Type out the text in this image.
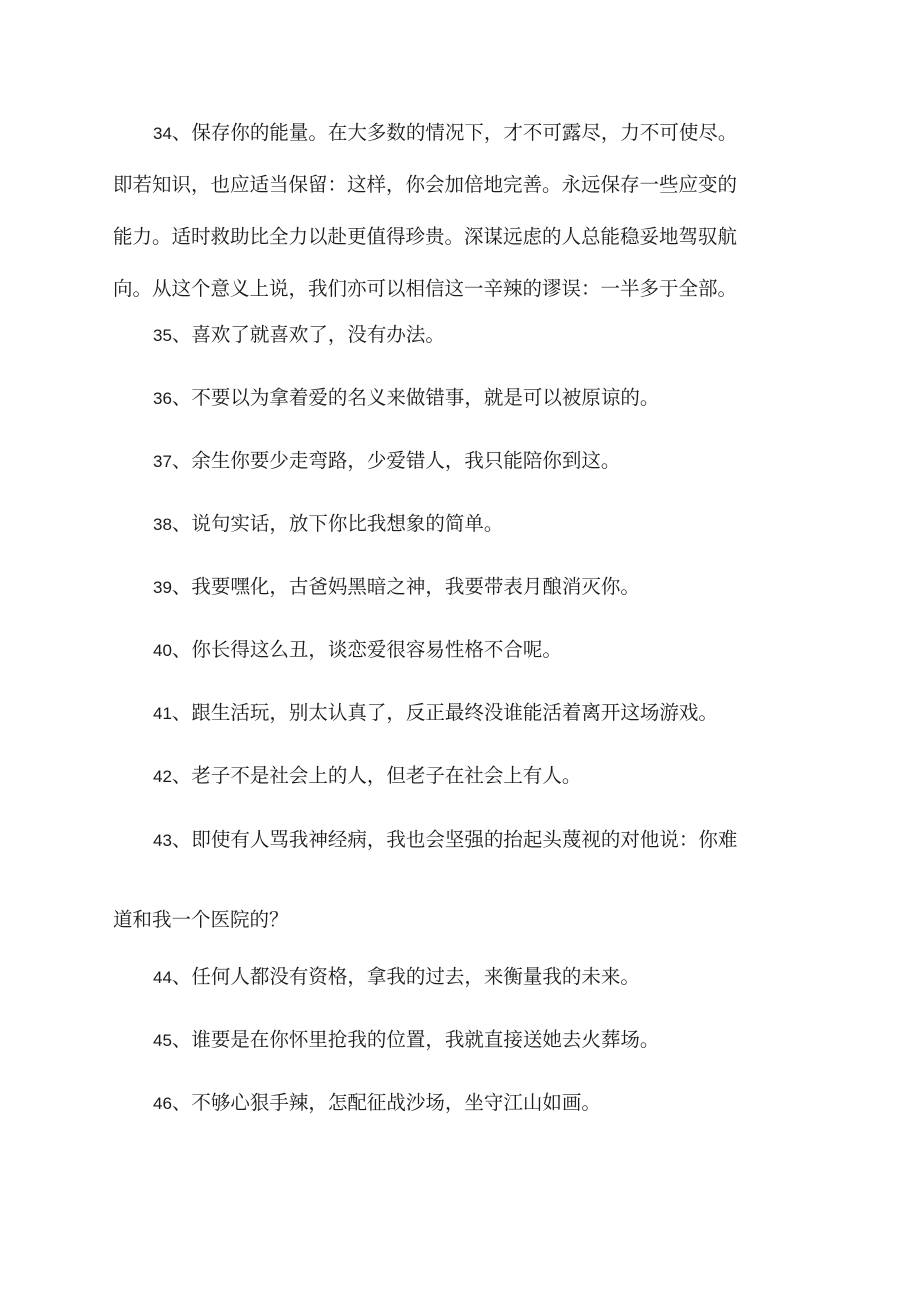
34、保存你的能量。在大多数的情况下，才不可露尽，力不可使尽。
即若知识，也应适当保留：这样，你会加倍地完善。永远保存一些应变的
能力。适时救助比全力以赴更值得珍贵。深谋远虑的人总能稳妥地驾驭航
向。从这个意义上说，我们亦可以相信这一辛辣的谬误：一半多于全部。
35、喜欢了就喜欢了，没有办法。
36、不要以为拿着爱的名义来做错事，就是可以被原谅的。
37、余生你要少走弯路，少爱错人，我只能陪你到这。
38、说句实话，放下你比我想象的简单。
39、我要嘿化，古爸妈黑暗之神，我要带表月酿消灭你。
40、你长得这么丑，谈恋爱很容易性格不合呢。
41、跟生活玩，别太认真了，反正最终没谁能活着离开这场游戏。
42、老子不是社会上的人，但老子在社会上有人。
43、即使有人骂我神经病，我也会坚强的抬起头蔑视的对他说：你难
道和我一个医院的？
44、任何人都没有资格，拿我的过去，来衡量我的未来。
45、谁要是在你怀里抢我的位置，我就直接送她去火葬场。
46、不够心狠手辣，怎配征战沙场，坐守江山如画。
